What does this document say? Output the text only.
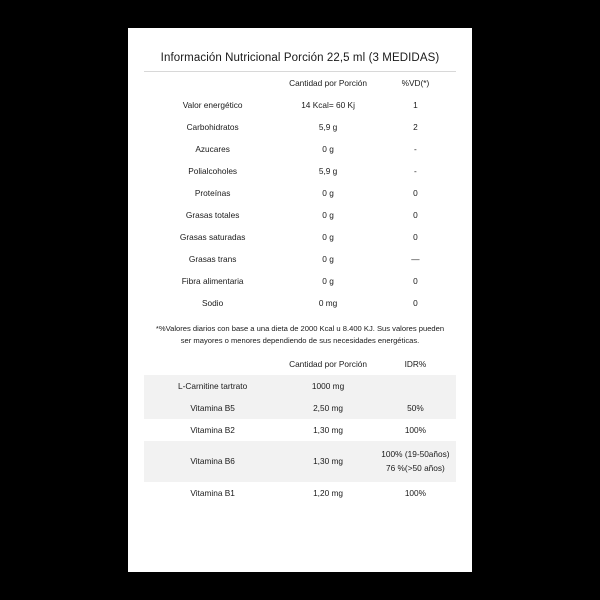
Información Nutricional Porción 22,5 ml (3 MEDIDAS)
	Cantidad por Porción	%VD(*)
Valor energético	14 Kcal= 60 Kj	1
Carbohidratos	5,9 g	2
Azucares	0 g	-
Polialcoholes	5,9 g	-
Proteínas	0 g	0
Grasas totales	0 g	0
Grasas saturadas	0 g	0
Grasas trans	0 g	—
Fibra alimentaria	0 g	0
Sodio	0 mg	0
*%Valores diarios con base a una dieta de 2000 Kcal u 8.400 KJ. Sus valores pueden ser mayores o menores dependiendo de sus necesidades energéticas.
	Cantidad por Porción	IDR%
L-Carnitine tartrato	1000 mg	
Vitamina B5	2,50 mg	50%
Vitamina B2	1,30 mg	100%
Vitamina B6	1,30 mg	100% (19-50años)
76 %(>50 años)

Vitamina B1	1,20 mg	100%
